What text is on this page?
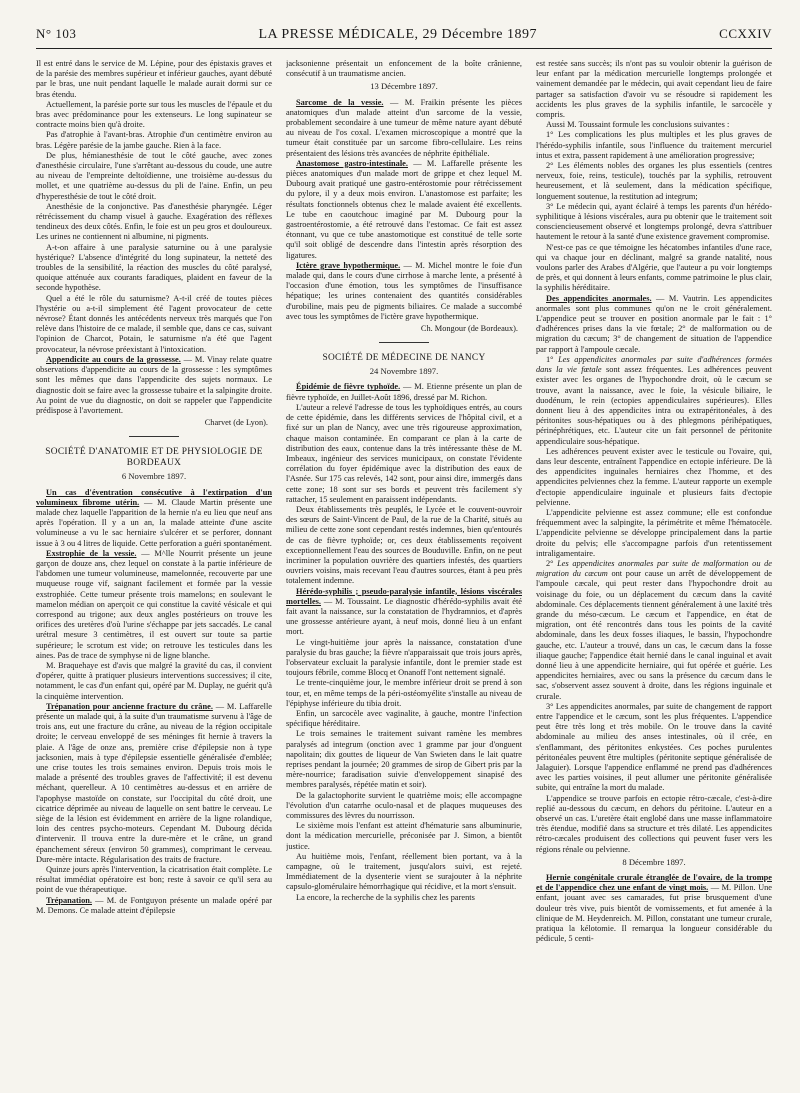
N° 103	LA PRESSE MÉDICALE, 29 Décembre 1897	CCXXIV

Il est entré dans le service de M. Lépine, pour des épistaxis graves et de la parésie des membres supérieur et inférieur gauches, ayant débuté par le bras, une nuit pendant laquelle le malade aurait dormi sur ce bras étendu.

Actuellement, la parésie porte sur tous les muscles de l'épaule et du bras avec prédominance pour les extenseurs. Le long supinateur se contracte moins bien qu'à droite.

Pas d'atrophie à l'avant-bras. Atrophie d'un centimètre environ au bras. Légère parésie de la jambe gauche. Rien à la face.

De plus, hémianesthésie de tout le côté gauche, avec zones d'anesthésie circulaire, l'une s'arrêtant au-dessous du coude, une autre au niveau de l'empreinte deltoïdienne, une troisième au-dessus du mollet, et une quatrième au-dessus du pli de l'aine. Enfin, un peu d'hyperesthésie de tout le côté droit.

Anesthésie de la conjonctive. Pas d'anesthésie pharyngée. Léger rétrécissement du champ visuel à gauche. Exagération des réflexes tendineux des deux côtés. Enfin, le foie est un peu gros et douloureux. Les urines ne contiennent ni albumine, ni pigments.

A-t-on affaire à une paralysie saturnine ou à une paralysie hystérique? L'absence d'intégrité du long supinateur, la netteté des troubles de la sensibilité, la réaction des muscles du côté paralysé, quoique atténuée aux courants faradiques, plaident en faveur de la seconde hypothèse.

Quel a été le rôle du saturnisme? A-t-il créé de toutes pièces l'hystérie ou a-t-il simplement été l'agent provocateur de cette névrose? Étant donnés les antécédents nerveux très marqués que l'on relève dans l'histoire de ce malade, il semble que, dans ce cas, suivant l'opinion de Charcot, Potain, le saturnisme n'a été que l'agent provocateur, la névrose préexistant à l'intoxication.

Appendicite au cours de la grossesse. — M. Vinay relate quatre observations d'appendicite au cours de la grossesse : les symptômes sont les mêmes que dans l'appendicite des sujets normaux. Le diagnostic doit se faire avec la grossesse tubaire et la salpingite droite. Au point de vue du diagnostic, on doit se rappeler que l'appendicite prédispose à l'avortement.

Charvet (de Lyon).
SOCIÉTÉ D'ANATOMIE ET DE PHYSIOLOGIE DE BORDEAUX
6 Novembre 1897.

Un cas d'éventration consécutive à l'extirpation d'un volumineux fibrome utérin. — M. Claude Martin présente une malade chez laquelle l'apparition de la hernie n'a eu lieu que neuf ans après l'opération. Il y a un an, la malade atteinte d'une ascite volumineuse a vu le sac herniaire s'ulcérer et se perforer, donnant issue à 3 ou 4 litres de liquide. Cette perforation a guéri spontanément.

Exstrophie de la vessie. — M^lle Nourrit présente un jeune garçon de douze ans, chez lequel on constate à la partie inférieure de l'abdomen une tumeur volumineuse, mamelonnée, recouverte par une muqueuse rouge vif, saignant facilement et formée par la vessie exstrophiée. Cette tumeur présente trois mamelons; en soulevant le mamelon médian on aperçoit ce qui constitue la cavité vésicale et qui correspond au trigone; aux deux angles postérieurs on trouve les orifices des uretères d'où l'urine s'échappe par jets saccadés. Le canal urétral mesure 3 centimètres, il est ouvert sur toute sa partie supérieure; le scrotum est vide; on retrouve les testicules dans les aines. Pas de trace de symphyse ni de ligne blanche.

M. Braquehaye est d'avis que malgré la gravité du cas, il convient d'opérer, quitte à pratiquer plusieurs interventions successives; il cite, notamment, le cas d'un enfant qui, opéré par M. Duplay, ne guérit qu'à la cinquième intervention.

Trépanation pour ancienne fracture du crâne. — M. Laffarelle présente un malade qui, à la suite d'un traumatisme survenu à l'âge de trois ans, eut une fracture du crâne, au niveau de la région occipitale droite; le cerveau enveloppé de ses méninges fit hernie à travers la plaie. A l'âge de onze ans, première crise d'épilepsie non à type jacksonien, mais à type d'épilepsie essentielle généralisée d'emblée; une crise toutes les trois semaines environ. Depuis trois mois le malade a présenté des troubles graves de l'affectivité; il est devenu méchant, querelleur. A 10 centimètres au-dessus et en arrière de l'apophyse mastoïde on constate, sur l'occipital du côté droit, une cicatrice déprimée au niveau de laquelle on sent battre le cerveau. Le siège de la lésion est évidemment en arrière de la ligne rolandique, loin des centres psycho-moteurs. Cependant M. Dubourg décida d'intervenir. Il trouva entre la dure-mère et le crâne, un grand épanchement séreux (environ 50 grammes), comprimant le cerveau. Dure-mère intacte. Régularisation des traits de fracture.

Quinze jours après l'intervention, la cicatrisation était complète. Le résultat immédiat opératoire est bon; reste à savoir ce qu'il sera au point de vue thérapeutique.

Trépanation. — M. de Fontguyon présente un malade opéré par M. Demons. Ce malade atteint d'épilepsie

jacksonienne présentait un enfoncement de la boîte crânienne, consécutif à un traumatisme ancien.

13 Décembre 1897.

Sarcome de la vessie. — M. Fraikin présente les pièces anatomiques d'un malade atteint d'un sarcome de la vessie, probablement secondaire à une tumeur de même nature ayant débuté au niveau de l'os coxal. L'examen microscopique a montré que la tumeur était constituée par un sarcome fibro-cellulaire. Les reins présentaient des lésions très avancées de néphrite épithéliale.

Anastomose gastro-intestinale. — M. Laffarelle présente les pièces anatomiques d'un malade mort de grippe et chez lequel M. Dubourg avait pratiqué une gastro-entérostomie pour rétrécissement du pylore, il y a deux mois environ. L'anastomose est parfaite; les résultats fonctionnels obtenus chez le malade avaient été excellents. Le tube en caoutchouc imaginé par M. Dubourg pour la gastroentérostomie, a été retrouvé dans l'estomac. Ce fait est assez étonnant, vu que ce tube anastomotique est constitué de telle sorte qu'il soit obligé de descendre dans l'intestin après résorption des ligatures.

Ictère grave hypothermique. — M. Michel montre le foie d'un malade qui, dans le cours d'une cirrhose à marche lente, a présenté à l'occasion d'une émotion, tous les symptômes de l'insuffisance hépatique; les urines contenaient des quantités considérables d'urobiline, mais peu de pigments biliaires. Ce malade a succombé avec tous les symptômes de l'ictère grave hypothermique.

Ch. Mongour (de Bordeaux).
SOCIÉTÉ DE MÉDECINE DE NANCY
24 Novembre 1897.

Épidémie de fièvre typhoïde. — M. Etienne présente un plan de fièvre typhoïde, en Juillet-Août 1896, dressé par M. Richon.

L'auteur a relevé l'adresse de tous les typhoïdiques entrés, au cours de cette épidémie, dans les différents services de l'hôpital civil, et a fixé sur un plan de Nancy, avec une très rigoureuse approximation, chaque maison contaminée. En comparant ce plan à la carte de distribution des eaux, contenue dans la très intéressante thèse de M. Imbeaux, ingénieur des services municipaux, on constate l'évidente corrélation du foyer épidémique avec la distribution des eaux de l'Asnée. Sur 175 cas relevés, 142 sont, pour ainsi dire, immergés dans cette zone; 18 sont sur ses bords et peuvent très facilement s'y rattacher, 15 seulement en paraissent indépendants.

Deux établissements très peuplés, le Lycée et le couvent-ouvroir des sœurs de Saint-Vincent de Paul, de la rue de la Charité, situés au milieu de cette zone sont cependant restés indemnes, bien qu'entourés de cas de fièvre typhoïde; or, ces deux établissements reçoivent exceptionnellement l'eau des sources de Bouduville. Enfin, on ne peut incriminer la population ouvrière des quartiers infestés, des quartiers ouvriers voisins, mais recevant l'eau d'autres sources, étant à peu près totalement indemne.

Hérédo-syphilis ; pseudo-paralysie infantile, lésions viscérales mortelles. — M. Toussaint. Le diagnostic d'hérédo-syphilis avait été fait avant la naissance, sur la constatation de l'hydramnios, et d'après une grossesse antérieure ayant, à neuf mois, donné lieu à un enfant mort.

Le vingt-huitième jour après la naissance, constatation d'une paralysie du bras gauche; la fièvre n'apparaissait que trois jours après, l'observateur excluait la paralysie infantile, dont le premier stade est toujours fébrile, comme Blocq et Onanoff l'ont nettement signalé.

Le trente-cinquième jour, le membre inférieur droit se prend à son tour, et, en même temps de la péri-ostéomyélite s'installe au niveau de l'épiphyse inférieure du tibia droit.

Enfin, un sarcocèle avec vaginalite, à gauche, montre l'infection spécifique héréditaire.

Le trois semaines le traitement suivant ramène les membres paralysés ad integrum (onction avec 1 gramme par jour d'onguent napolitain; dix gouttes de liqueur de Van Swieten dans le lait quatre reprises pendant la journée; 20 grammes de sirop de Gibert pris par la mère-nourrice; faradisation suivie d'enveloppement sinapisé des membres paralysés, répétée matin et soir).

De la galactophorite survient le quatrième mois; elle accompagne l'évolution d'un catarrhe oculo-nasal et de plaques muqueuses des commissures des lèvres du nourrisson.

Le sixième mois l'enfant est atteint d'hématurie sans albuminurie, dont la médication mercurielle, préconisée par J. Simon, a bientôt justice.

Au huitième mois, l'enfant, réellement bien portant, va à la campagne, où le traitement, jusqu'alors suivi, est rejeté. Immédiatement de la dysenterie vient se surajouter à la néphrite capsulo-glomérulaire hémorrhagique qui récidive, et la mort s'ensuit.

La encore, la recherche de la syphilis chez les parents

est restée sans succès; ils n'ont pas su vouloir obtenir la guérison de leur enfant par la médication mercurielle longtemps prolongée et vainement demandée par le médecin, qui avait cependant lieu de faire partager sa satisfaction d'avoir vu se résoudre si rapidement les accidents les plus graves de la syphilis infantile, le sarcocèle y compris.

Aussi M. Toussaint formule les conclusions suivantes :

1° Les complications les plus multiples et les plus graves de l'hérédo-syphilis infantile, sous l'influence du traitement mercuriel intus et extra, passent rapidement à une amélioration progressive;

2° Les éléments nobles des organes les plus essentiels (centres nerveux, foie, reins, testicule), touchés par la syphilis, retrouvent heureusement, et là seulement, dans la médication spécifique, longuement soutenue, la restitution ad integrum;

3° Le médecin qui, ayant éclairé à temps les parents d'un hérédo-syphilitique à lésions viscérales, aura pu obtenir que le traitement soit consciencieusement observé et longtemps prolongé, devra s'attribuer hautement le retour à la santé d'une existence gravement compromise.

N'est-ce pas ce que témoigne les hécatombes infantiles d'une race, qui va chaque jour en déclinant, malgré sa grande natalité, nous voulons parler des Arabes d'Algérie, que l'auteur a pu voir longtemps de près, et qui donnent à leurs enfants, comme patrimoine le plus clair, la syphilis héréditaire.

Des appendicites anormales. — M. Vautrin. Les appendicites anormales sont plus communes qu'on ne le croit généralement. L'appendice peut se trouver en position anormale par le fait : 1° d'adhérences prises dans la vie fœtale; 2° de malformation ou de migration du cæcum; 3° de changement de situation de l'appendice par rapport à l'ampoule cæcale.

1° Les appendicites anormales par suite d'adhérences formées dans la vie fœtale sont assez fréquentes. Les adhérences peuvent exister avec les organes de l'hypochondre droit, où le cæcum se trouve, avant la naissance, avec le foie, la vésicule biliaire, le duodénum, le rein (ectopies appendiculaires supérieures). Elles donnent lieu à des appendicites intra ou extrapéritonéales, à des péritonites sous-hépatiques ou à des phlegmons périhépatiques, périnéphrétiques, etc. L'auteur cite un fait personnel de péritonite appendiculaire sous-hépatique.

Les adhérences peuvent exister avec le testicule ou l'ovaire, qui, dans leur descente, entraînent l'appendice en ectopie inférieure. De là des appendicites inguinales herniaires chez l'homme, et des appendicites pelviennes chez la femme. L'auteur rapporte un exemple d'ectopie appendiculaire inguinale et plusieurs faits d'ectopie pelvienne.

L'appendicite pelvienne est assez commune; elle est confondue fréquemment avec la salpingite, la périmétrite et même l'hématocèle. L'appendicite pelvienne se développe principalement dans la partie droite du pelvis; elle s'accompagne parfois d'un retentissement intraligamentaire.

2° Les appendicites anormales par suite de malformation ou de migration du cæcum ont pour cause un arrêt de développement de l'ampoule cæcale, qui peut rester dans l'hypochondre droit au voisinage du foie, ou un déplacement du cæcum dans la cavité abdominale. Ces déplacements tiennent généralement à une laxité très grande du méso-cæcum. Le cæcum et l'appendice, en état de migration, ont été rencontrés dans tous les points de la cavité abdominale, dans les deux fosses iliaques, le bassin, l'hypochondre gauche, etc. L'auteur a trouvé, dans un cas, le cæcum dans la fosse iliaque gauche; l'appendice était hernié dans le canal inguinal et avait donné lieu à une appendicite herniaire, qui fut opérée et guérie. Les appendicites herniaires, avec ou sans la présence du cæcum dans le sac, s'observent assez souvent à droite, dans les régions inguinale et crurale.

3° Les appendicites anormales, par suite de changement de rapport entre l'appendice et le cæcum, sont les plus fréquentes. L'appendice peut être très long et très mobile. On le trouve dans la cavité abdominale au milieu des anses intestinales, où il crée, en s'enflammant, des péritonites enkystées. Ces poches purulentes péritonéales peuvent être multiples (péritonite septique généralisée de Jalaguier). Lorsque l'appendice enflammé ne prend pas d'adhérences avec les parties voisines, il peut allumer une péritonite généralisée subite, qui entraîne la mort du malade.

L'appendice se trouve parfois en ectopie rétro-cæcale, c'est-à-dire replié au-dessous du cæcum, en dehors du péritoine. L'auteur en a observé un cas. L'uretère était englobé dans une masse inflammatoire très étendue, modifié dans sa structure et très dilaté. Les appendicites rétro-cæcales produisent des collections qui peuvent fuser vers les régions rénale ou pelvienne.

8 Décembre 1897.

Hernie congénitale crurale étranglée de l'ovaire, de la trompe et de l'appendice chez une enfant de vingt mois. — M. Pillon. Une enfant, jouant avec ses camarades, fut prise brusquement d'une douleur très vive, puis bientôt de vomissements, et fut amenée à la clinique de M. Heydenreich. M. Pillon, constatant une tumeur crurale, pratiqua la kélotomie. Il remarqua la longueur considérable du pédicule, 5 centi-
